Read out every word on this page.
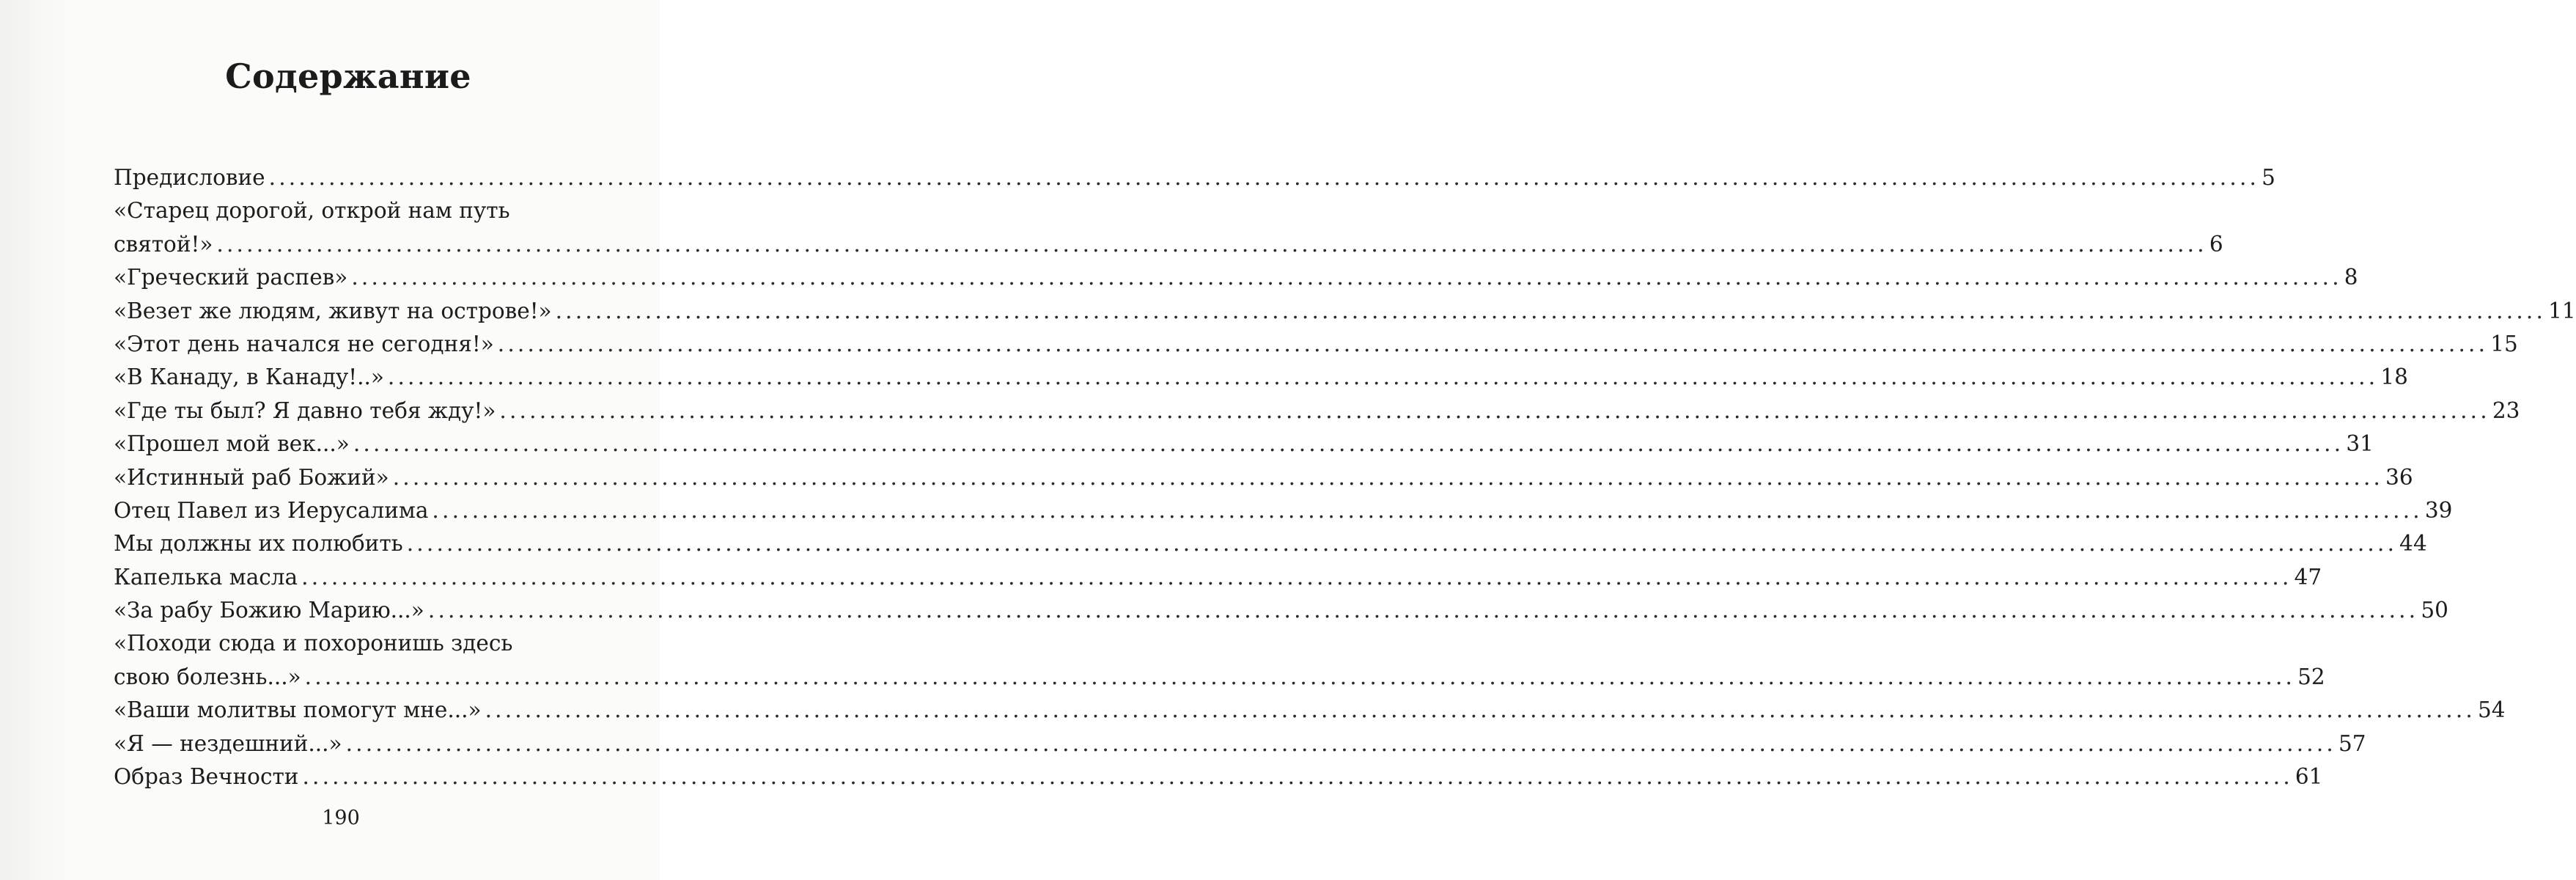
Содержание
Предисловие ........................................................................................................................................................................................................ 5
«Старец дорогой, открой нам путь
святой!» ........................................................................................................................................................................................................ 6
«Греческий распев» ........................................................................................................................................................................................................ 8
«Везет же людям, живут на острове!» ........................................................................................................................................................................................................ 11
«Этот день начался не сегодня!» ........................................................................................................................................................................................................ 15
«В Канаду, в Канаду!..» ........................................................................................................................................................................................................ 18
«Где ты был? Я давно тебя жду!» ........................................................................................................................................................................................................ 23
«Прошел мой век...» ........................................................................................................................................................................................................ 31
«Истинный раб Божий» ........................................................................................................................................................................................................ 36
Отец Павел из Иерусалима ........................................................................................................................................................................................................ 39
Мы должны их полюбить ........................................................................................................................................................................................................ 44
Капелька масла ........................................................................................................................................................................................................ 47
«За рабу Божию Марию...» ........................................................................................................................................................................................................ 50
«Походи сюда и похоронишь здесь
свою болезнь...» ........................................................................................................................................................................................................ 52
«Ваши молитвы помогут мне...» ........................................................................................................................................................................................................ 54
«Я — нездешний...» ........................................................................................................................................................................................................ 57
Образ Вечности ........................................................................................................................................................................................................ 61
190
